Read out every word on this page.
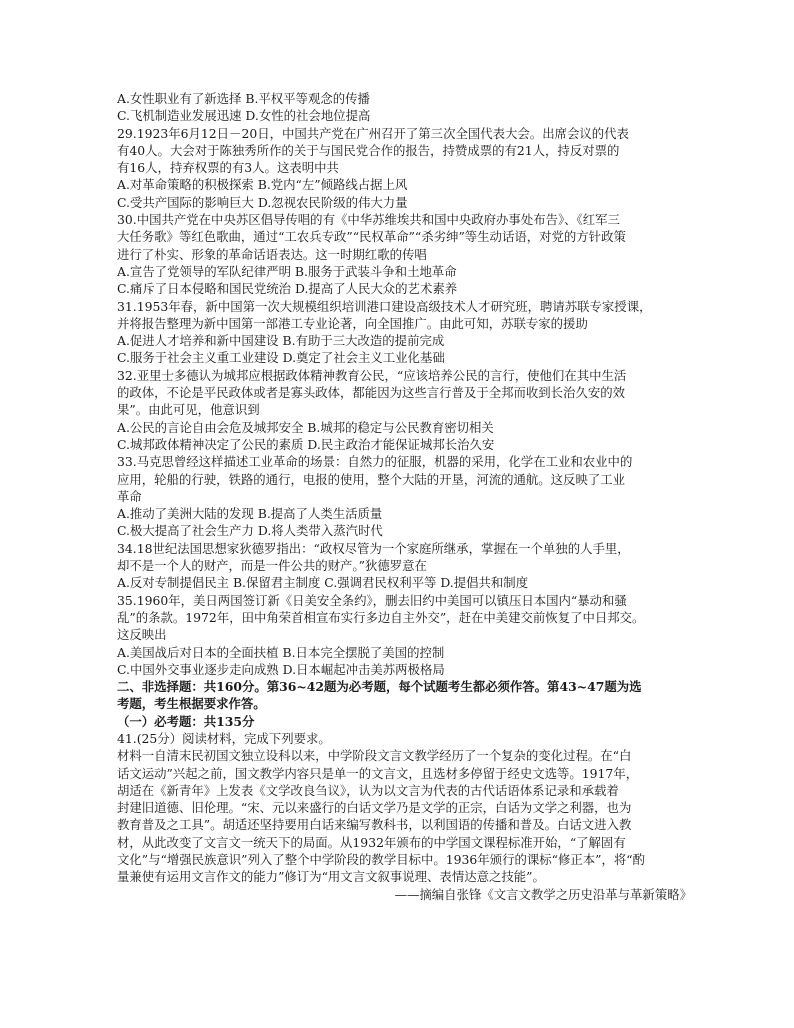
A.女性职业有了新选择 B.平权平等观念的传播

C.飞机制造业发展迅速 D.女性的社会地位提高

29.1923年6月12日－20日，中国共产党在广州召开了第三次全国代表大会。出席会议的代表

有40人。大会对于陈独秀所作的关于与国民党合作的报告，持赞成票的有21人，持反对票的

有16人，持弃权票的有3人。这表明中共

A.对革命策略的积极探索 B.党内“左”倾路线占据上风

C.受共产国际的影响巨大 D.忽视农民阶级的伟大力量

30.中国共产党在中央苏区倡导传唱的有《中华苏维埃共和国中央政府办事处布告》、《红军三

大任务歌》等红色歌曲，通过“工农兵专政”“民权革命”“杀劣绅”等生动话语，对党的方针政策

进行了朴实、形象的革命话语表达。这一时期红歌的传唱

A.宣告了党领导的军队纪律严明 B.服务于武装斗争和土地革命

C.痛斥了日本侵略和国民党统治 D.提高了人民大众的艺术素养

31.1953年春，新中国第一次大规模组织培训港口建设高级技术人才研究班，聘请苏联专家授课，

并将报告整理为新中国第一部港工专业论著，向全国推广。由此可知，苏联专家的援助

A.促进人才培养和新中国建设 B.有助于三大改造的提前完成

C.服务于社会主义重工业建设 D.奠定了社会主义工业化基础

32.亚里士多德认为城邦应根据政体精神教育公民，“应该培养公民的言行，使他们在其中生活

的政体，不论是平民政体或者是寡头政体，都能因为这些言行普及于全邦而收到长治久安的效

果”。由此可见，他意识到

A.公民的言论自由会危及城邦安全 B.城邦的稳定与公民教育密切相关

C.城邦政体精神决定了公民的素质 D.民主政治才能保证城邦长治久安

33.马克思曾经这样描述工业革命的场景：自然力的征服，机器的采用，化学在工业和农业中的

应用，轮船的行驶，铁路的通行，电报的使用，整个大陆的开垦，河流的通航。这反映了工业

革命

A.推动了美洲大陆的发现 B.提高了人类生活质量

C.极大提高了社会生产力 D.将人类带入蒸汽时代

34.18世纪法国思想家狄德罗指出：“政权尽管为一个家庭所继承，掌握在一个单独的人手里，

却不是一个人的财产，而是一件公共的财产。”狄德罗意在

A.反对专制提倡民主 B.保留君主制度 C.强调君民权利平等 D.提倡共和制度

35.1960年，美日两国签订新《日美安全条约》，删去旧约中美国可以镇压日本国内“暴动和骚

乱”的条款。1972年，田中角荣首相宣布实行多边自主外交”，赶在中美建交前恢复了中日邦交。

这反映出

A.美国战后对日本的全面扶植 B.日本完全摆脱了美国的控制

C.中国外交事业逐步走向成熟 D.日本崛起冲击美苏两极格局

二、非选择题：共160分。第36~42题为必考题，每个试题考生都必须作答。第43~47题为选

考题，考生根据要求作答。

（一）必考题：共135分

41.(25分）阅读材料，完成下列要求。

材料一自清末民初国文独立设科以来，中学阶段文言文教学经历了一个复杂的变化过程。在“白

话文运动”兴起之前，国文教学内容只是单一的文言文，且选材多停留于经史文选等。1917年，

胡适在《新青年》上发表《文学改良刍议》，认为以文言为代表的古代话语体系记录和承载着

封建旧道德、旧伦理。“宋、元以来盛行的白话文学乃是文学的正宗，白话为文学之利器，也为

教育普及之工具”。胡适还坚持要用白话来编写教科书，以利国语的传播和普及。白话文进入教

材，从此改变了文言文一统天下的局面。从1932年颁布的中学国文课程标准开始，“了解固有

文化”与“增强民族意识”列入了整个中学阶段的教学目标中。1936年颁行的课标“修正本”，将“酌

量兼使有运用文言作文的能力”修订为“用文言文叙事说理、表情达意之技能”。

——摘编自张锋《文言文教学之历史沿革与革新策略》
